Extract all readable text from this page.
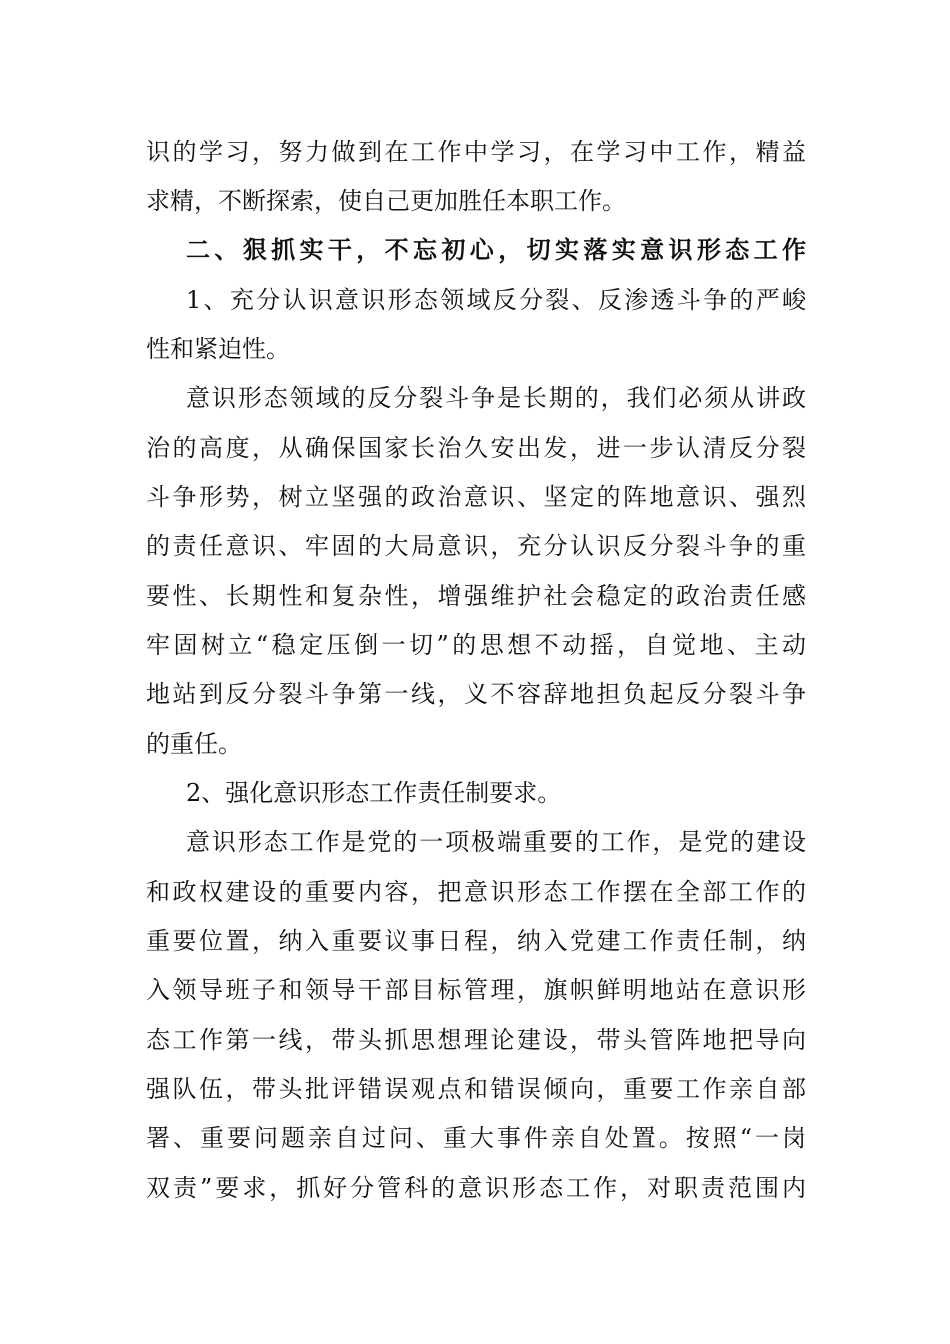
识的学习，努力做到在工作中学习，在学习中工作，精益

求精，不断探索，使自己更加胜任本职工作。

二、狠抓实干，不忘初心，切实落实意识形态工作

1、充分认识意识形态领域反分裂、反渗透斗争的严峻

性和紧迫性。

意识形态领域的反分裂斗争是长期的，我们必须从讲政

治的高度，从确保国家长治久安出发，进一步认清反分裂

斗争形势，树立坚强的政治意识、坚定的阵地意识、强烈

的责任意识、牢固的大局意识，充分认识反分裂斗争的重

要性、长期性和复杂性，增强维护社会稳定的政治责任感

牢固树立“稳定压倒一切”的思想不动摇，自觉地、主动

地站到反分裂斗争第一线，义不容辞地担负起反分裂斗争

的重任。

2、强化意识形态工作责任制要求。

意识形态工作是党的一项极端重要的工作，是党的建设

和政权建设的重要内容，把意识形态工作摆在全部工作的

重要位置，纳入重要议事日程，纳入党建工作责任制，纳

入领导班子和领导干部目标管理，旗帜鲜明地站在意识形

态工作第一线，带头抓思想理论建设，带头管阵地把导向

强队伍，带头批评错误观点和错误倾向，重要工作亲自部

署、重要问题亲自过问、重大事件亲自处置。按照“一岗

双责”要求，抓好分管科的意识形态工作，对职责范围内
